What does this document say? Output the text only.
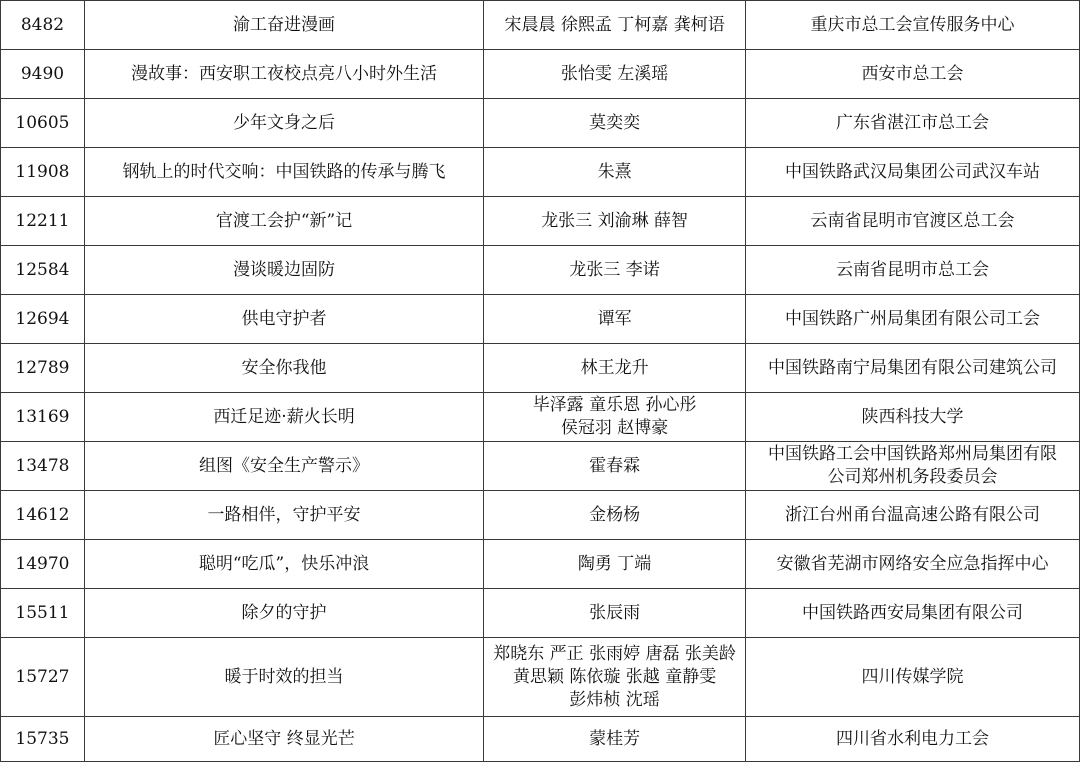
8482	渝工奋进漫画	宋晨晨 徐熙孟 丁柯嘉 龚柯语	重庆市总工会宣传服务中心

9490	漫故事：西安职工夜校点亮八小时外生活	张怡雯 左溪瑶	西安市总工会

10605	少年文身之后	莫奕奕	广东省湛江市总工会

11908	钢轨上的时代交响：中国铁路的传承与腾飞	朱熹	中国铁路武汉局集团公司武汉车站

12211	官渡工会护“新”记	龙张三 刘渝琳 薛智	云南省昆明市官渡区总工会

12584	漫谈暖边固防	龙张三 李诺	云南省昆明市总工会

12694	供电守护者	谭军	中国铁路广州局集团有限公司工会

12789	安全你我他	林王龙升	中国铁路南宁局集团有限公司建筑公司

13169	西迁足迹·薪火长明	毕泽露 童乐恩 孙心彤
侯冠羽 赵博豪	陕西科技大学

13478	组图《安全生产警示》	霍春霖	中国铁路工会中国铁路郑州局集团有限
公司郑州机务段委员会

14612	一路相伴，守护平安	金杨杨	浙江台州甬台温高速公路有限公司

14970	聪明“吃瓜”，快乐冲浪	陶勇 丁端	安徽省芜湖市网络安全应急指挥中心

15511	除夕的守护	张辰雨	中国铁路西安局集团有限公司

15727	暖于时效的担当	郑晓东 严正 张雨婷 唐磊 张美龄
黄思颖 陈依璇 张越 童静雯
彭炜桢 沈瑶	四川传媒学院

15735	匠心坚守 终显光芒	蒙桂芳	四川省水利电力工会
